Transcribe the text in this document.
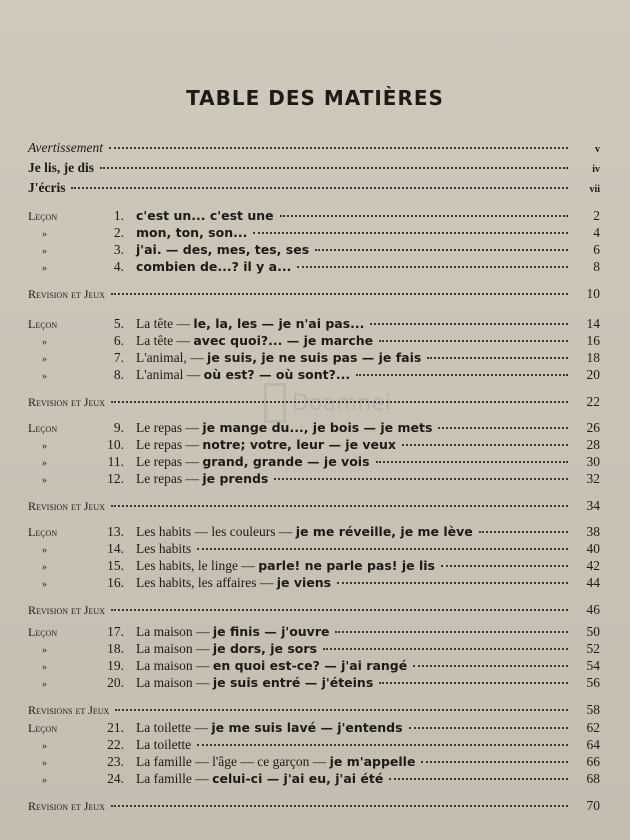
TABLE DES MATIÈRES
Doamnei
Avertissement	v
Je lis, je dis	iv
J'écris	vii
Leçon	1. c'est un... c'est une	2
»	2. mon, ton, son...	4
»	3. j'ai. — des, mes, tes, ses	6
»	4. combien de...? il y a...	8
Revision et Jeux	10
Leçon	5. La tête — le, la, les — je n'ai pas...	14
»	6. La tête — avec quoi?... — je marche	16
»	7. L'animal, — je suis, je ne suis pas — je fais	18
»	8. L'animal — où est? — où sont?...	20
Revision et Jeux	22
Leçon	9. Le repas — je mange du..., je bois — je mets	26
»	10. Le repas — notre; votre, leur — je veux	28
»	11. Le repas — grand, grande — je vois	30
»	12. Le repas — je prends	32
Revision et Jeux	34
Leçon	13. Les habits — les couleurs — je me réveille, je me lève	38
»	14. Les habits	40
»	15. Les habits, le linge — parle! ne parle pas! je lis	42
»	16. Les habits, les affaires — je viens	44
Revision et Jeux	46
Leçon	17. La maison — je finis — j'ouvre	50
»	18. La maison — je dors, je sors	52
»	19. La maison — en quoi est-ce? — j'ai rangé	54
»	20. La maison — je suis entré — j'éteins	56
Revisions et Jeux	58
Leçon	21. La toilette — je me suis lavé — j'entends	62
»	22. La toilette	64
»	23. La famille — l'âge — ce garçon — je m'appelle	66
»	24. La famille — celui-ci — j'ai eu, j'ai été	68
Revision et Jeux	70
